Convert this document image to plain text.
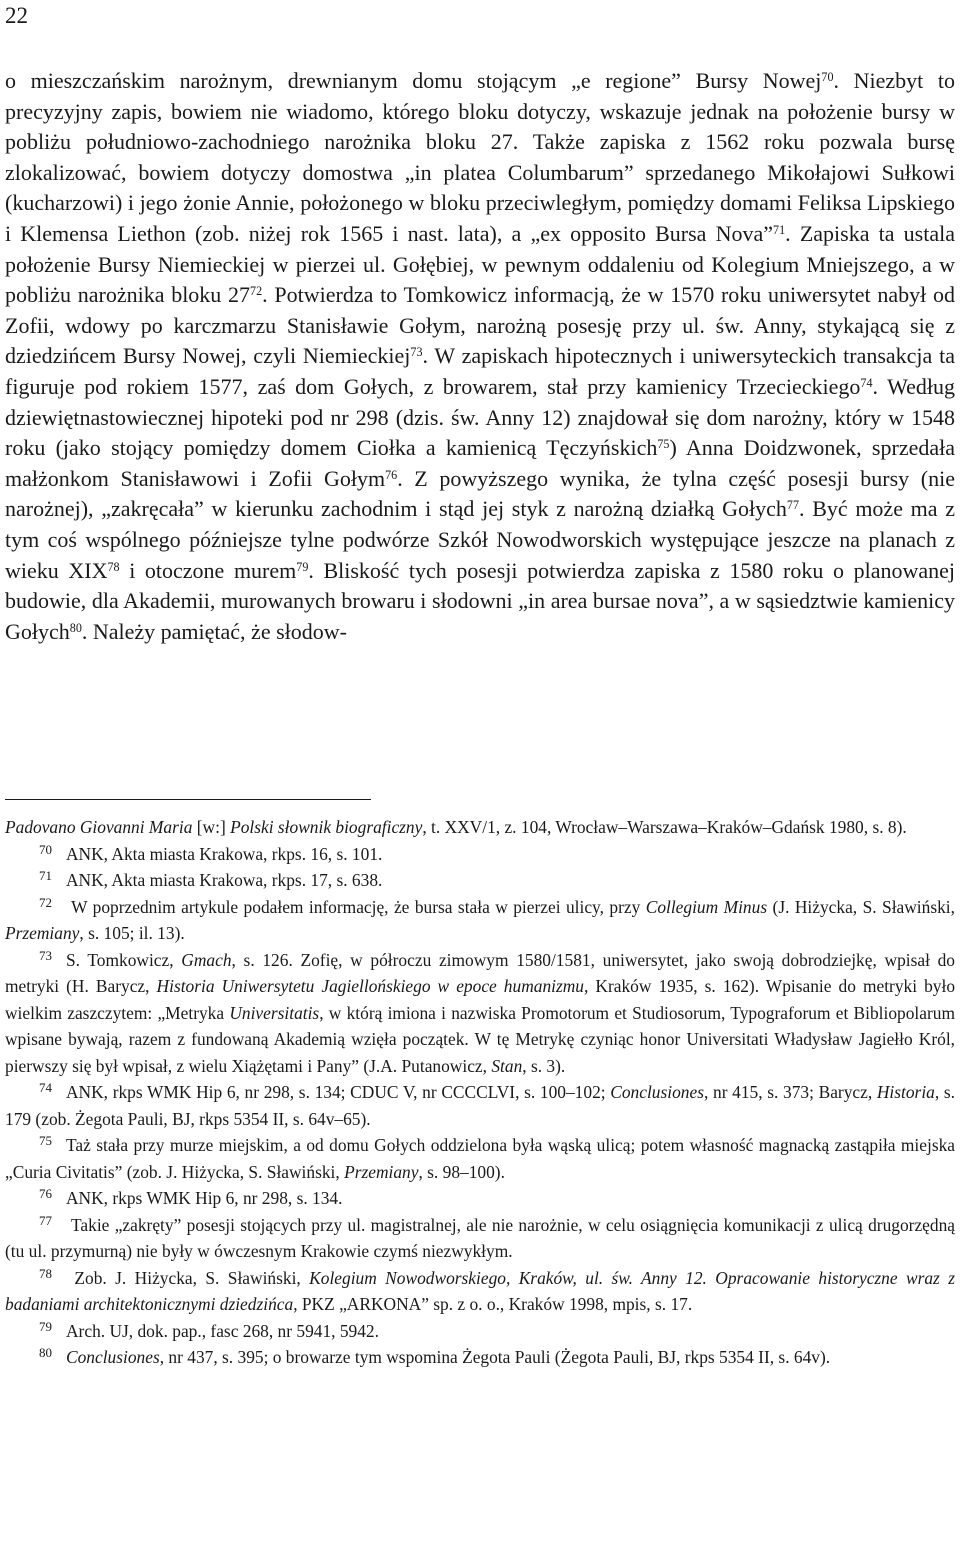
22
o mieszczańskim narożnym, drewnianym domu stojącym „e regione” Bursy Nowej$^{70}$. Niezbyt to precyzyjny zapis, bowiem nie wiadomo, którego bloku dotyczy, wskazuje jednak na położenie bursy w pobliżu południowo-zachodniego narożnika bloku 27. Także zapiska z 1562 roku pozwala bursę zlokalizować, bowiem dotyczy domostwa „in platea Columbarum” sprzedanego Mikołajowi Sułkowi (kucharzowi) i jego żonie Annie, położonego w bloku przeciwległym, pomiędzy domami Feliksa Lipskiego i Klemensa Liethon (zob. niżej rok 1565 i nast. lata), a „ex opposito Bursa Nova”$^{71}$. Zapiska ta ustala położenie Bursy Niemieckiej w pierzei ul. Gołębiej, w pewnym oddaleniu od Kolegium Mniejszego, a w pobliżu narożnika bloku $27^{72}$. Potwierdza to Tomkowicz informacją, że w 1570 roku uniwersytet nabył od Zofii, wdowy po karczmarzu Stanisławie Gołym, narożną posesję przy ul. św. Anny, stykającą się z dziedzińcem Bursy Nowej, czyli Niemieckiej$^{73}$. W zapiskach hipotecznych i uniwersyteckich transakcja ta figuruje pod rokiem 1577, zaś dom Gołych, z browarem, stał przy kamienicy Trzecieckiego$^{74}$. Według dziewiętnastowiecznej hipoteki pod nr 298 (dzis. św. Anny 12) znajdował się dom narożny, który w 1548 roku (jako stojący pomiędzy domem Ciołka a kamienicą Tęczyńskich$^{75}$) Anna Doidzwonek, sprzedała małżonkom Stanisławowi i Zofii Gołym$^{76}$. Z powyższego wynika, że tylna część posesji bursy (nie narożnej), „zakręcała” w kierunku zachodnim i stąd jej styk z narożną działką Gołych$^{77}$. Być może ma z tym coś wspólnego późniejsze tylne podwórze Szkół Nowodworskich występujące jeszcze na planach z wieku XIX$^{78}$ i otoczone murem$^{79}$. Bliskość tych posesji potwierdza zapiska z 1580 roku o planowanej budowie, dla Akademii, murowanych browaru i słodowni „in area bursae nova”, a w sąsiedztwie kamienicy Gołych$^{80}$. Należy pamiętać, że słodow-

Padovano Giovanni Maria [w:] Polski słownik biograficzny, t. XXV/1, z. 104, Wrocław–Warszawa–Kraków–Gdańsk 1980, s. 8).

70 ANK, Akta miasta Krakowa, rkps. 16, s. 101.

71 ANK, Akta miasta Krakowa, rkps. 17, s. 638.

72 W poprzednim artykule podałem informację, że bursa stała w pierzei ulicy, przy Collegium Minus (J. Hiżycka, S. Sławiński, Przemiany, s. 105; il. 13).

73 S. Tomkowicz, Gmach, s. 126. Zofię, w półroczu zimowym 1580/1581, uniwersytet, jako swoją dobrodziejkę, wpisał do metryki (H. Barycz, Historia Uniwersytetu Jagiellońskiego w epoce humanizmu, Kraków 1935, s. 162). Wpisanie do metryki było wielkim zaszczytem: „Metryka Universitatis, w którą imiona i nazwiska Promotorum et Studiosorum, Typograforum et Bibliopolarum wpisane bywają, razem z fundowaną Akademią wzięła początek. W tę Metrykę czyniąc honor Universitati Władysław Jagiełło Król, pierwszy się był wpisał, z wielu Xiążętami i Pany” (J.A. Putanowicz, Stan, s. 3).

74 ANK, rkps WMK Hip 6, nr 298, s. 134; CDUC V, nr CCCCLVI, s. 100–102; Conclusiones, nr 415, s. 373; Barycz, Historia, s. 179 (zob. Żegota Pauli, BJ, rkps 5354 II, s. 64v–65).

75 Taż stała przy murze miejskim, a od domu Gołych oddzielona była wąską ulicą; potem własność magnacką zastąpiła miejska „Curia Civitatis” (zob. J. Hiżycka, S. Sławiński, Przemiany, s. 98–100).

76 ANK, rkps WMK Hip 6, nr 298, s. 134.

77 Takie „zakręty” posesji stojących przy ul. magistralnej, ale nie narożnie, w celu osiągnięcia komunikacji z ulicą drugorzędną (tu ul. przymurną) nie były w ówczesnym Krakowie czymś niezwykłym.

78 Zob. J. Hiżycka, S. Sławiński, Kolegium Nowodworskiego, Kraków, ul. św. Anny 12. Opracowanie historyczne wraz z badaniami architektonicznymi dziedzińca, PKZ „ARKONA” sp. z o. o., Kraków 1998, mpis, s. 17.

79 Arch. UJ, dok. pap., fasc 268, nr 5941, 5942.

80 Conclusiones, nr 437, s. 395; o browarze tym wspomina Żegota Pauli (Żegota Pauli, BJ, rkps 5354 II, s. 64v).
